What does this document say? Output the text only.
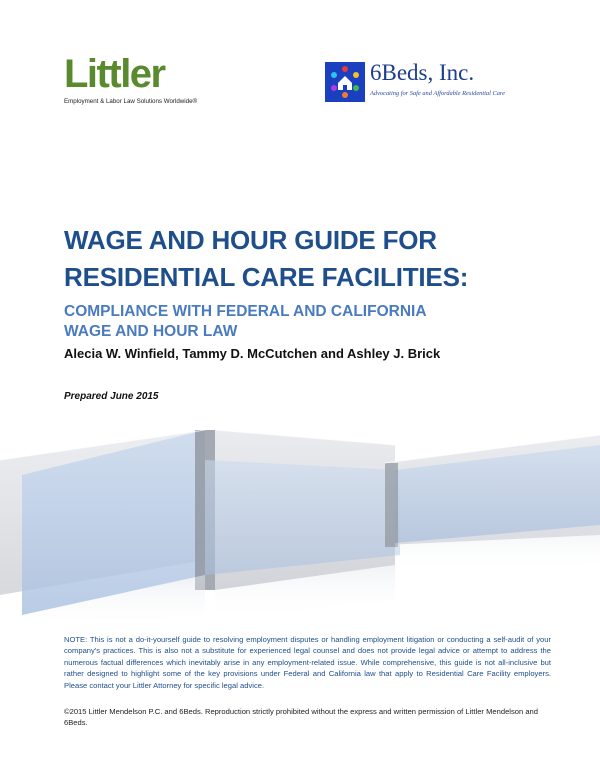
Littler
Employment & Labor Law Solutions Worldwide®
6Beds, Inc.
Advocating for Safe and Affordable Residential Care
WAGE AND HOUR GUIDE FOR
RESIDENTIAL CARE FACILITIES:
COMPLIANCE WITH FEDERAL AND CALIFORNIA
WAGE AND HOUR LAW
Alecia W. Winfield, Tammy D. McCutchen and Ashley J. Brick
Prepared June 2015

NOTE: This is not a do-it-yourself guide to resolving employment disputes or handling employment litigation or conducting a self-audit of your company's practices. This is also not a substitute for experienced legal counsel and does not provide legal advice or attempt to address the numerous factual differences which inevitably arise in any employment-related issue. While comprehensive, this guide is not all-inclusive but rather designed to highlight some of the key provisions under Federal and California law that apply to Residential Care Facility employers. Please contact your Littler Attorney for specific legal advice.

©2015 Littler Mendelson P.C. and 6Beds. Reproduction strictly prohibited without the express and written permission of Littler Mendelson and 6Beds.
